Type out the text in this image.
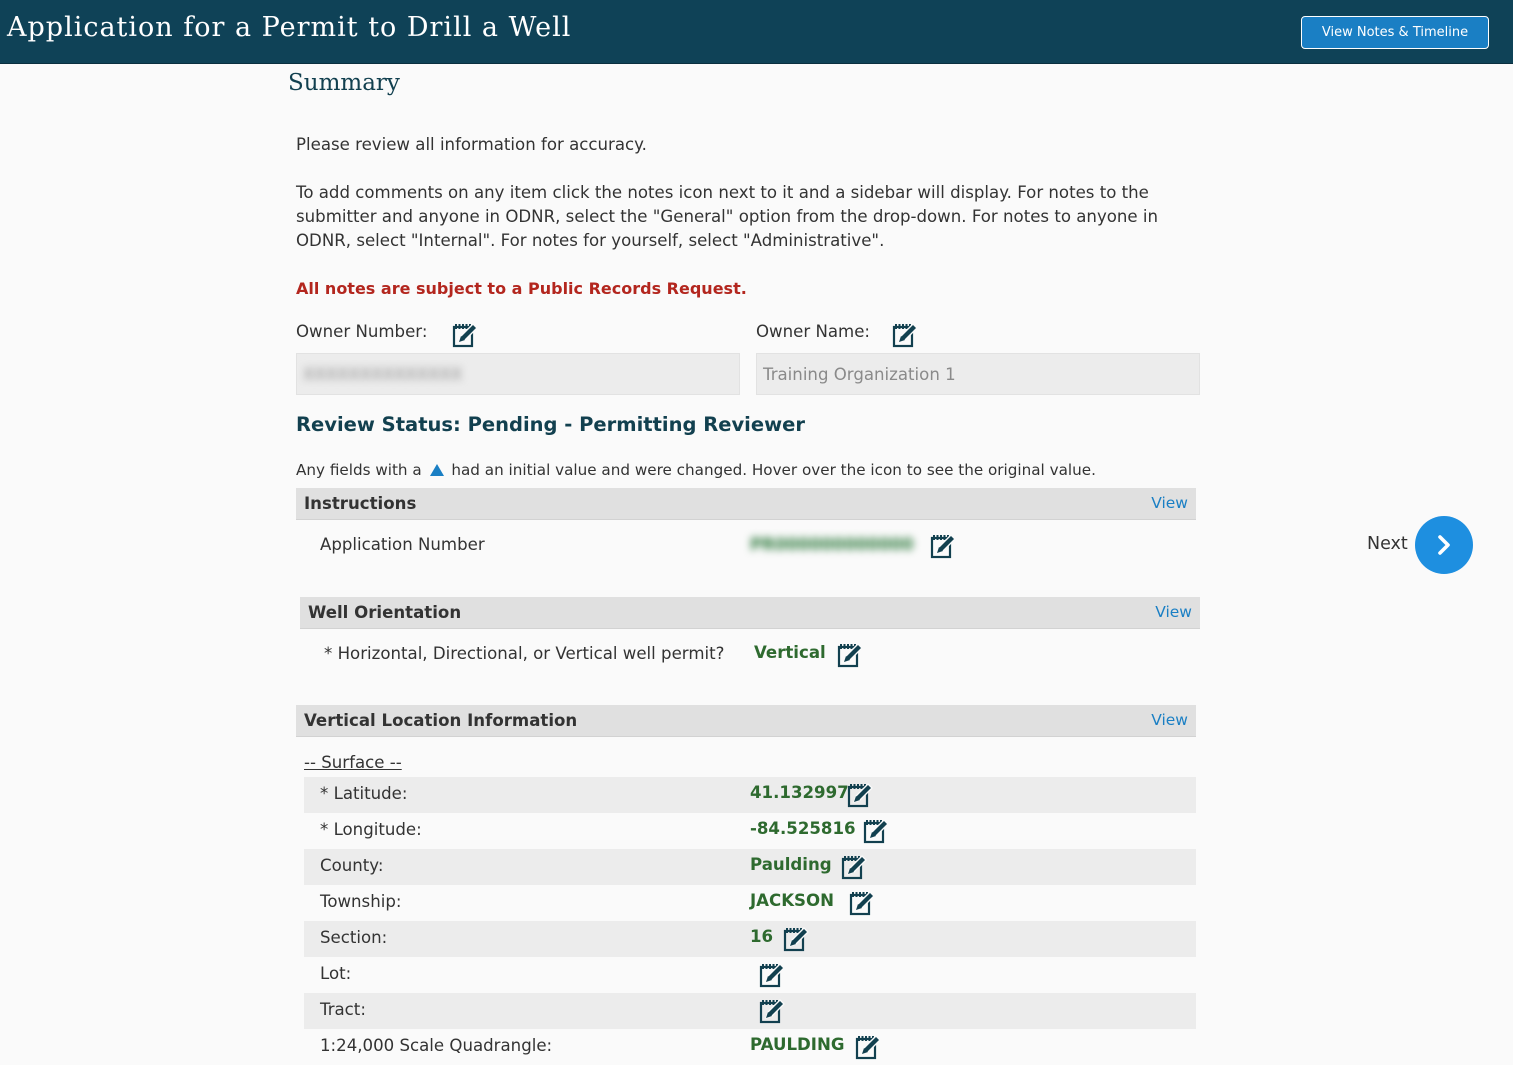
Application for a Permit to Drill a Well	View Notes & Timeline
Summary

Please review all information for accuracy.

To add comments on any item click the notes icon next to it and a sidebar will display. For notes to the submitter and anyone in ODNR, select the "General" option from the drop-down. For notes to anyone in ODNR, select "Internal". For notes for yourself, select "Administrative".

All notes are subject to a Public Records Request.
Owner Number:
XXXXXXXXXXXXXX
Owner Name:
Training Organization 1
Review Status: Pending - Permitting Reviewer
Any fields with a had an initial value and were changed. Hover over the icon to see the original value.
Instructions	View
Application Number	PR000000000000
Well Orientation	View
* Horizontal, Directional, or Vertical well permit? Vertical
Vertical Location Information	View
-- Surface --
* Latitude:	41.132997
* Longitude:	-84.525816
County:	Paulding
Township:	JACKSON
Section:	16
Lot:
Tract:
1:24,000 Scale Quadrangle:	PAULDING
Next
